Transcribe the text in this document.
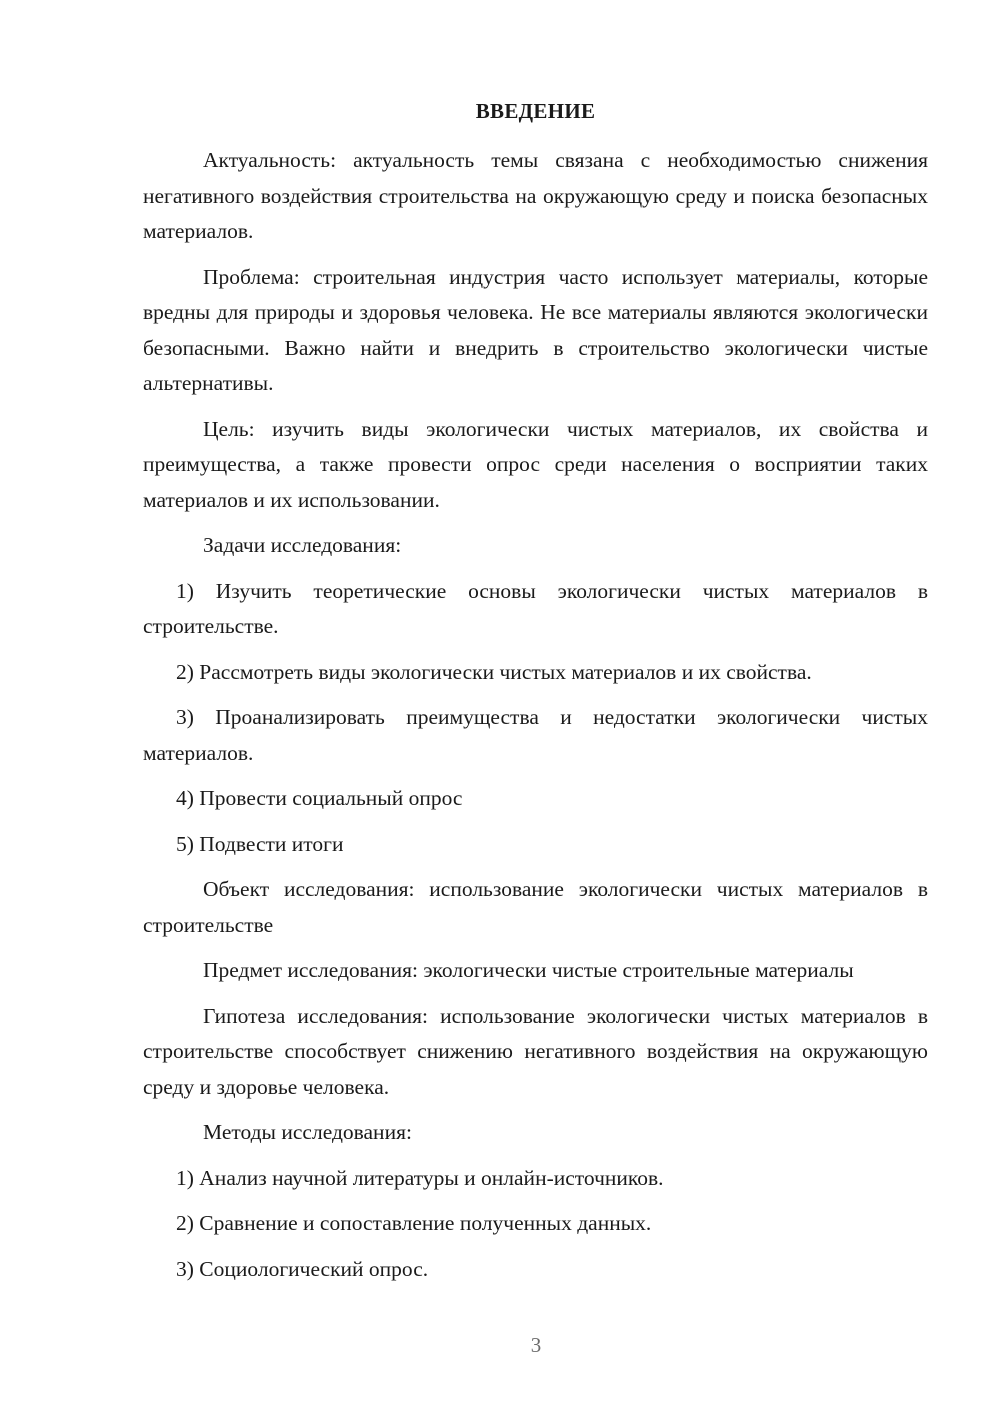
ВВЕДЕНИЕ

Актуальность: актуальность темы связана с необходимостью снижения негативного воздействия строительства на окружающую среду и поиска безопасных материалов.

Проблема: строительная индустрия часто использует материалы, которые вредны для природы и здоровья человека. Не все материалы являются экологически безопасными. Важно найти и внедрить в строительство экологически чистые альтернативы.

Цель: изучить виды экологически чистых материалов, их свойства и преимущества, а также провести опрос среди населения о восприятии таких материалов и их использовании.

Задачи исследования:

1) Изучить теоретические основы экологически чистых материалов в строительстве.

2) Рассмотреть виды экологически чистых материалов и их свойства.

3) Проанализировать преимущества и недостатки экологически чистых материалов.

4) Провести социальный опрос

5) Подвести итоги

Объект исследования: использование экологически чистых материалов в строительстве

Предмет исследования: экологически чистые строительные материалы

Гипотеза исследования: использование экологически чистых материалов в строительстве способствует снижению негативного воздействия на окружающую среду и здоровье человека.

Методы исследования:

1) Анализ научной литературы и онлайн-источников.

2) Сравнение и сопоставление полученных данных.

3) Социологический опрос.

3
